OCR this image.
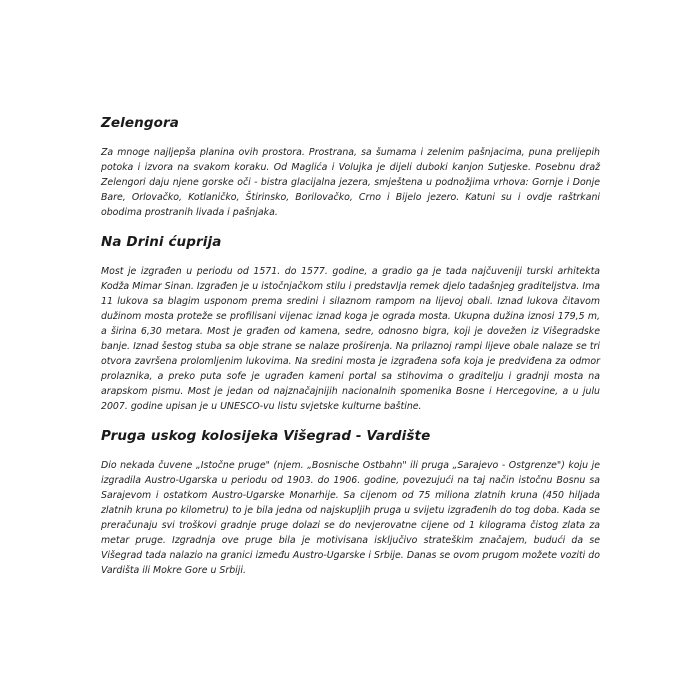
Zelengora

Za mnoge najljepša planina ovih prostora. Prostrana, sa šumama i zelenim pašnjacima, puna prelijepih potoka i izvora na svakom koraku. Od Maglića i Volujka je dijeli duboki kanjon Sutjeske. Posebnu draž Zelengori daju njene gorske oči - bistra glacijalna jezera, smještena u podnožjima vrhova: Gornje i Donje Bare, Orlovačko, Kotlaničko, Štirinsko, Borilovačko, Crno i Bijelo jezero. Katuni su i ovdje raštrkani obodima prostranih livada i pašnjaka.

Na Drini ćuprija

Most je izgrađen u periodu od 1571. do 1577. godine, a gradio ga je tada najčuveniji turski arhitekta Kodža Mimar Sinan. Izgrađen je u istočnjačkom stilu i predstavlja remek djelo tadašnjeg graditeljstva. Ima 11 lukova sa blagim usponom prema sredini i silaznom rampom na lijevoj obali. Iznad lukova čitavom dužinom mosta proteže se profilisani vijenac iznad koga je ograda mosta. Ukupna dužina iznosi 179,5 m, a širina 6,30 metara. Most je građen od kamena, sedre, odnosno bigra, koji je dovežen iz Višegradske banje. Iznad šestog stuba sa obje strane se nalaze proširenja. Na prilaznoj rampi lijeve obale nalaze se tri otvora završena prolomljenim lukovima. Na sredini mosta je izgrađena sofa koja je predviđena za odmor prolaznika, a preko puta sofe je ugrađen kameni portal sa stihovima o graditelju i gradnji mosta na arapskom pismu. Most je jedan od najznačajnijih nacionalnih spomenika Bosne i Hercegovine, a u julu 2007. godine upisan je u UNESCO-vu listu svjetske kulturne baštine.

Pruga uskog kolosijeka Višegrad - Vardište

Dio nekada čuvene „Istočne pruge" (njem. „Bosnische Ostbahn" ili pruga „Sarajevo - Ostgrenze") koju je izgradila Austro-Ugarska u periodu od 1903. do 1906. godine, povezujući na taj način istočnu Bosnu sa Sarajevom i ostatkom Austro-Ugarske Monarhije. Sa cijenom od 75 miliona zlatnih kruna (450 hiljada zlatnih kruna po kilometru) to je bila jedna od najskupljih pruga u svijetu izgrađenih do tog doba. Kada se preračunaju svi troškovi gradnje pruge dolazi se do nevjerovatne cijene od 1 kilograma čistog zlata za metar pruge. Izgradnja ove pruge bila je motivisana isključivo strateškim značajem, budući da se Višegrad tada nalazio na granici između Austro-Ugarske i Srbije. Danas se ovom prugom možete voziti do Vardišta ili Mokre Gore u Srbiji.
